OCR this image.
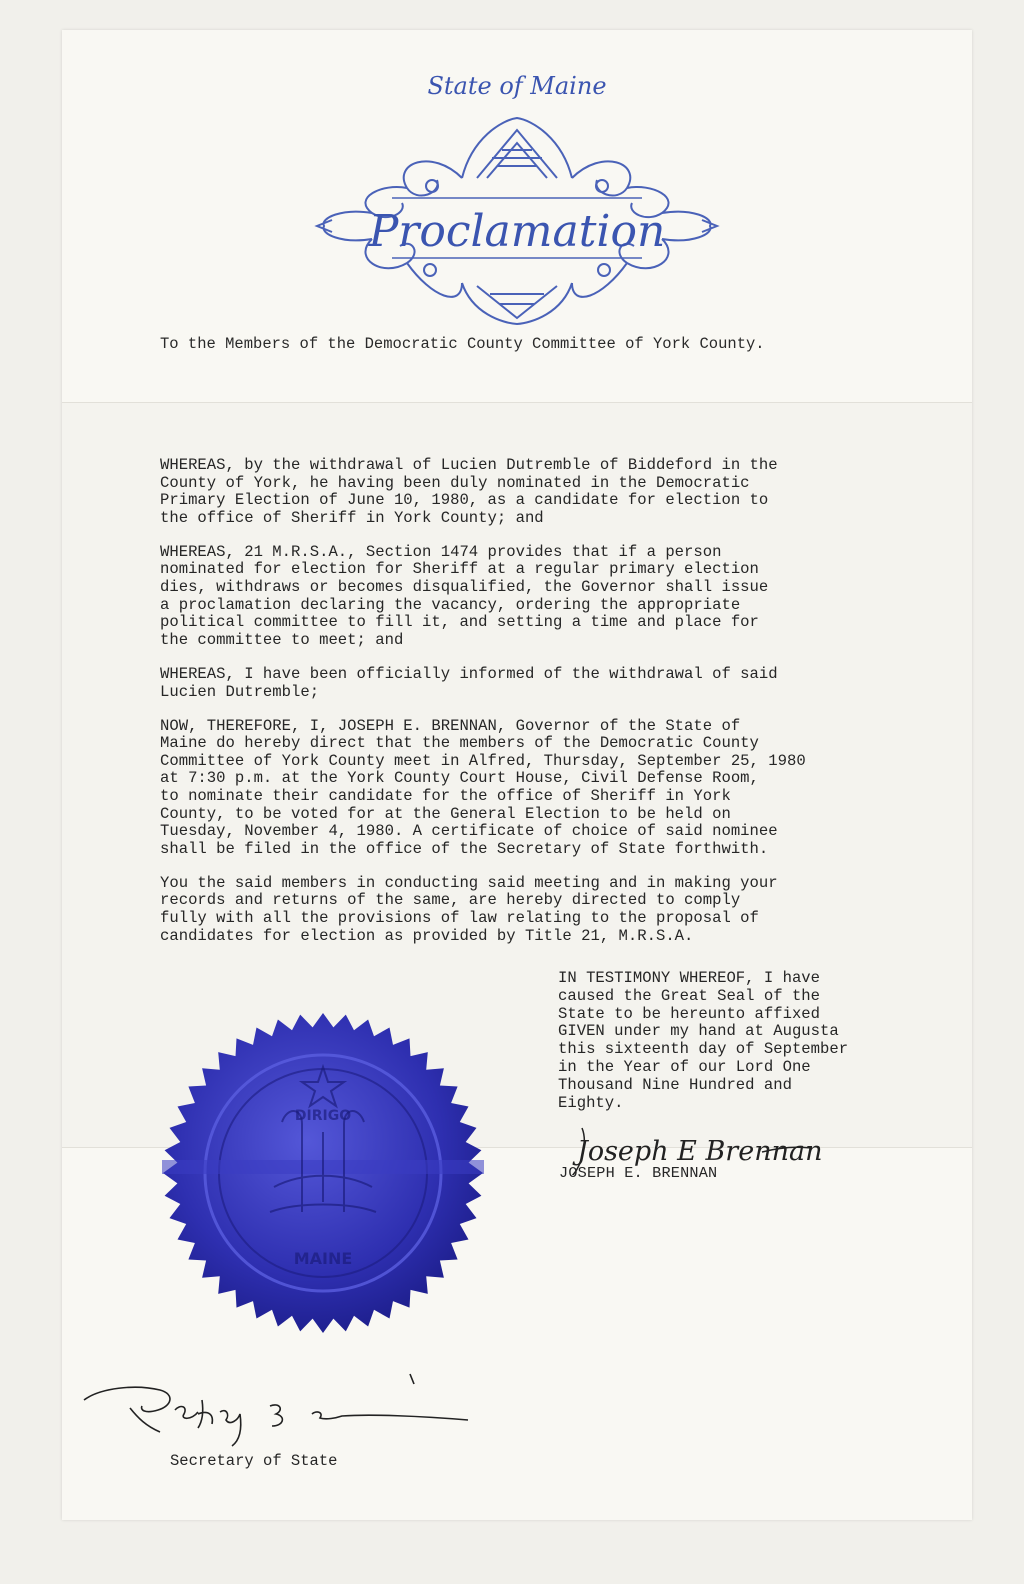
State of Maine
Proclamation
To the Members of the Democratic County Committee of York County.

WHEREAS, by the withdrawal of Lucien Dutremble of Biddeford in the
County of York, he having been duly nominated in the Democratic
Primary Election of June 10, 1980, as a candidate for election to
the office of Sheriff in York County; and

WHEREAS, 21 M.R.S.A., Section 1474 provides that if a person
nominated for election for Sheriff at a regular primary election
dies, withdraws or becomes disqualified, the Governor shall issue
a proclamation declaring the vacancy, ordering the appropriate
political committee to fill it, and setting a time and place for
the committee to meet; and

WHEREAS, I have been officially informed of the withdrawal of said
Lucien Dutremble;

NOW, THEREFORE, I, JOSEPH E. BRENNAN, Governor of the State of
Maine do hereby direct that the members of the Democratic County
Committee of York County meet in Alfred, Thursday, September 25, 1980
at 7:30 p.m. at the York County Court House, Civil Defense Room,
to nominate their candidate for the office of Sheriff in York
County, to be voted for at the General Election to be held on
Tuesday, November 4, 1980. A certificate of choice of said nominee
shall be filed in the office of the Secretary of State forthwith.

You the said members in conducting said meeting and in making your
records and returns of the same, are hereby directed to comply
fully with all the provisions of law relating to the proposal of
candidates for election as provided by Title 21, M.R.S.A.

IN TESTIMONY WHEREOF, I have
caused the Great Seal of the
State to be hereunto affixed
GIVEN under my hand at Augusta
this sixteenth day of September
in the Year of our Lord One
Thousand Nine Hundred and
Eighty.
Joseph E Brennan
JOSEPH E. BRENNAN
DIRIGO
MAINE
Secretary of State
